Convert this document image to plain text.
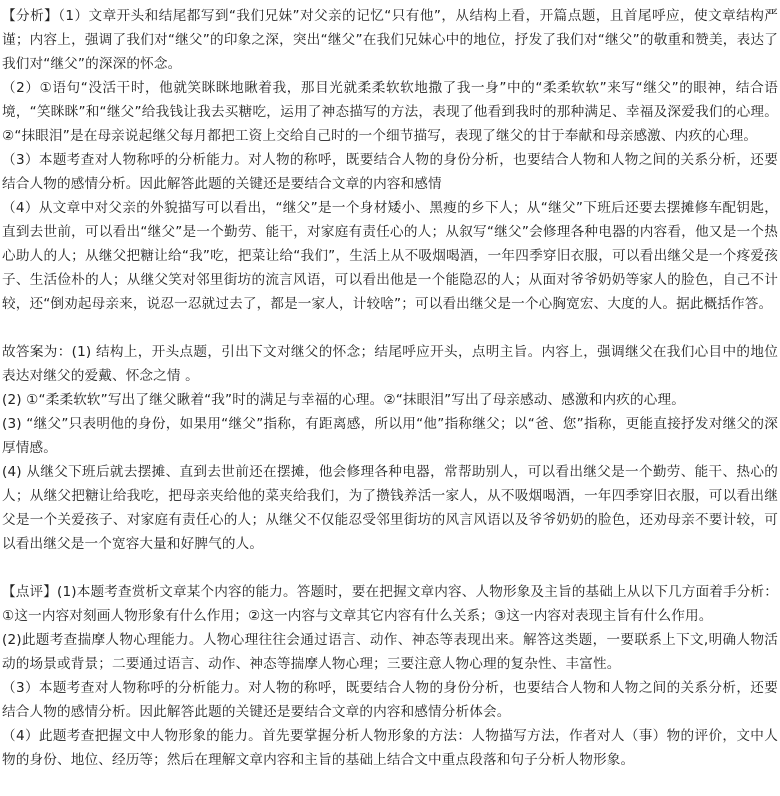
【分析】（1）文章开头和结尾都写到“我们兄妹”对父亲的记忆“只有他”，从结构上看，开篇点题，且首尾呼应，使文章结构严谨；内容上，强调了我们对“继父”的印象之深，突出“继父”在我们兄妹心中的地位，抒发了我们对“继父”的敬重和赞美，表达了我们对“继父”的深深的怀念。

（2）①语句“没活干时，他就笑眯眯地瞅着我，那目光就柔柔软软地撒了我一身”中的“柔柔软软”来写“继父”的眼神，结合语境，“笑眯眯”和“继父”给我钱让我去买糖吃，运用了神态描写的方法，表现了他看到我时的那种满足、幸福及深爱我们的心理。②“抹眼泪”是在母亲说起继父每月都把工资上交给自己时的一个细节描写，表现了继父的甘于奉献和母亲感激、内疚的心理。

（3）本题考查对人物称呼的分析能力。对人物的称呼，既要结合人物的身份分析，也要结合人物和人物之间的关系分析，还要结合人物的感情分析。因此解答此题的关键还是要结合文章的内容和感情

（4）从文章中对父亲的外貌描写可以看出，“继父”是一个身材矮小、黑瘦的乡下人；从“继父”下班后还要去摆摊修车配钥匙，直到去世前，可以看出“继父”是一个勤劳、能干，对家庭有责任心的人；从叙写“继父”会修理各种电器的内容看，他又是一个热心助人的人；从继父把糖让给“我”吃，把菜让给“我们”，生活上从不吸烟喝酒，一年四季穿旧衣服，可以看出继父是一个疼爱孩子、生活俭朴的人；从继父笑对邻里街坊的流言风语，可以看出他是一个能隐忍的人；从面对爷爷奶奶等家人的脸色，自己不计较，还“倒劝起母亲来，说忍一忍就过去了，都是一家人，计较啥”；可以看出继父是一个心胸宽宏、大度的人。据此概括作答。

故答案为：(1) 结构上，开头点题，引出下文对继父的怀念；结尾呼应开头，点明主旨。内容上，强调继父在我们心目中的地位表达对继父的爱戴、怀念之情 。

(2) ①“柔柔软软”写出了继父瞅着“我”时的满足与幸福的心理。②“抹眼泪”写出了母亲感动、感激和内疚的心理。

(3) “继父”只表明他的身份，如果用“继父”指称，有距离感，所以用“他”指称继父；以“爸、您”指称，更能直接抒发对继父的深厚情感。

(4) 从继父下班后就去摆摊、直到去世前还在摆摊，他会修理各种电器，常帮助别人，可以看出继父是一个勤劳、能干、热心的人；从继父把糖让给我吃，把母亲夹给他的菜夹给我们，为了攒钱养活一家人，从不吸烟喝酒，一年四季穿旧衣服，可以看出继父是一个关爱孩子、对家庭有责任心的人；从继父不仅能忍受邻里街坊的风言风语以及爷爷奶奶的脸色，还劝母亲不要计较，可以看出继父是一个宽容大量和好脾气的人。

【点评】(1)本题考查赏析文章某个内容的能力。答题时，要在把握文章内容、人物形象及主旨的基础上从以下几方面着手分析：①这一内容对刻画人物形象有什么作用；②这一内容与文章其它内容有什么关系；③这一内容对表现主旨有什么作用。

(2)此题考查揣摩人物心理能力。人物心理往往会通过语言、动作、神态等表现出来。解答这类题，一要联系上下文,明确人物活动的场景或背景；二要通过语言、动作、神态等揣摩人物心理；三要注意人物心理的复杂性、丰富性。

（3）本题考查对人物称呼的分析能力。对人物的称呼，既要结合人物的身份分析，也要结合人物和人物之间的关系分析，还要结合人物的感情分析。因此解答此题的关键还是要结合文章的内容和感情分析体会。

（4）此题考查把握文中人物形象的能力。首先要掌握分析人物形象的方法：人物描写方法，作者对人（事）物的评价，文中人物的身份、地位、经历等；然后在理解文章内容和主旨的基础上结合文中重点段落和句子分析人物形象。
